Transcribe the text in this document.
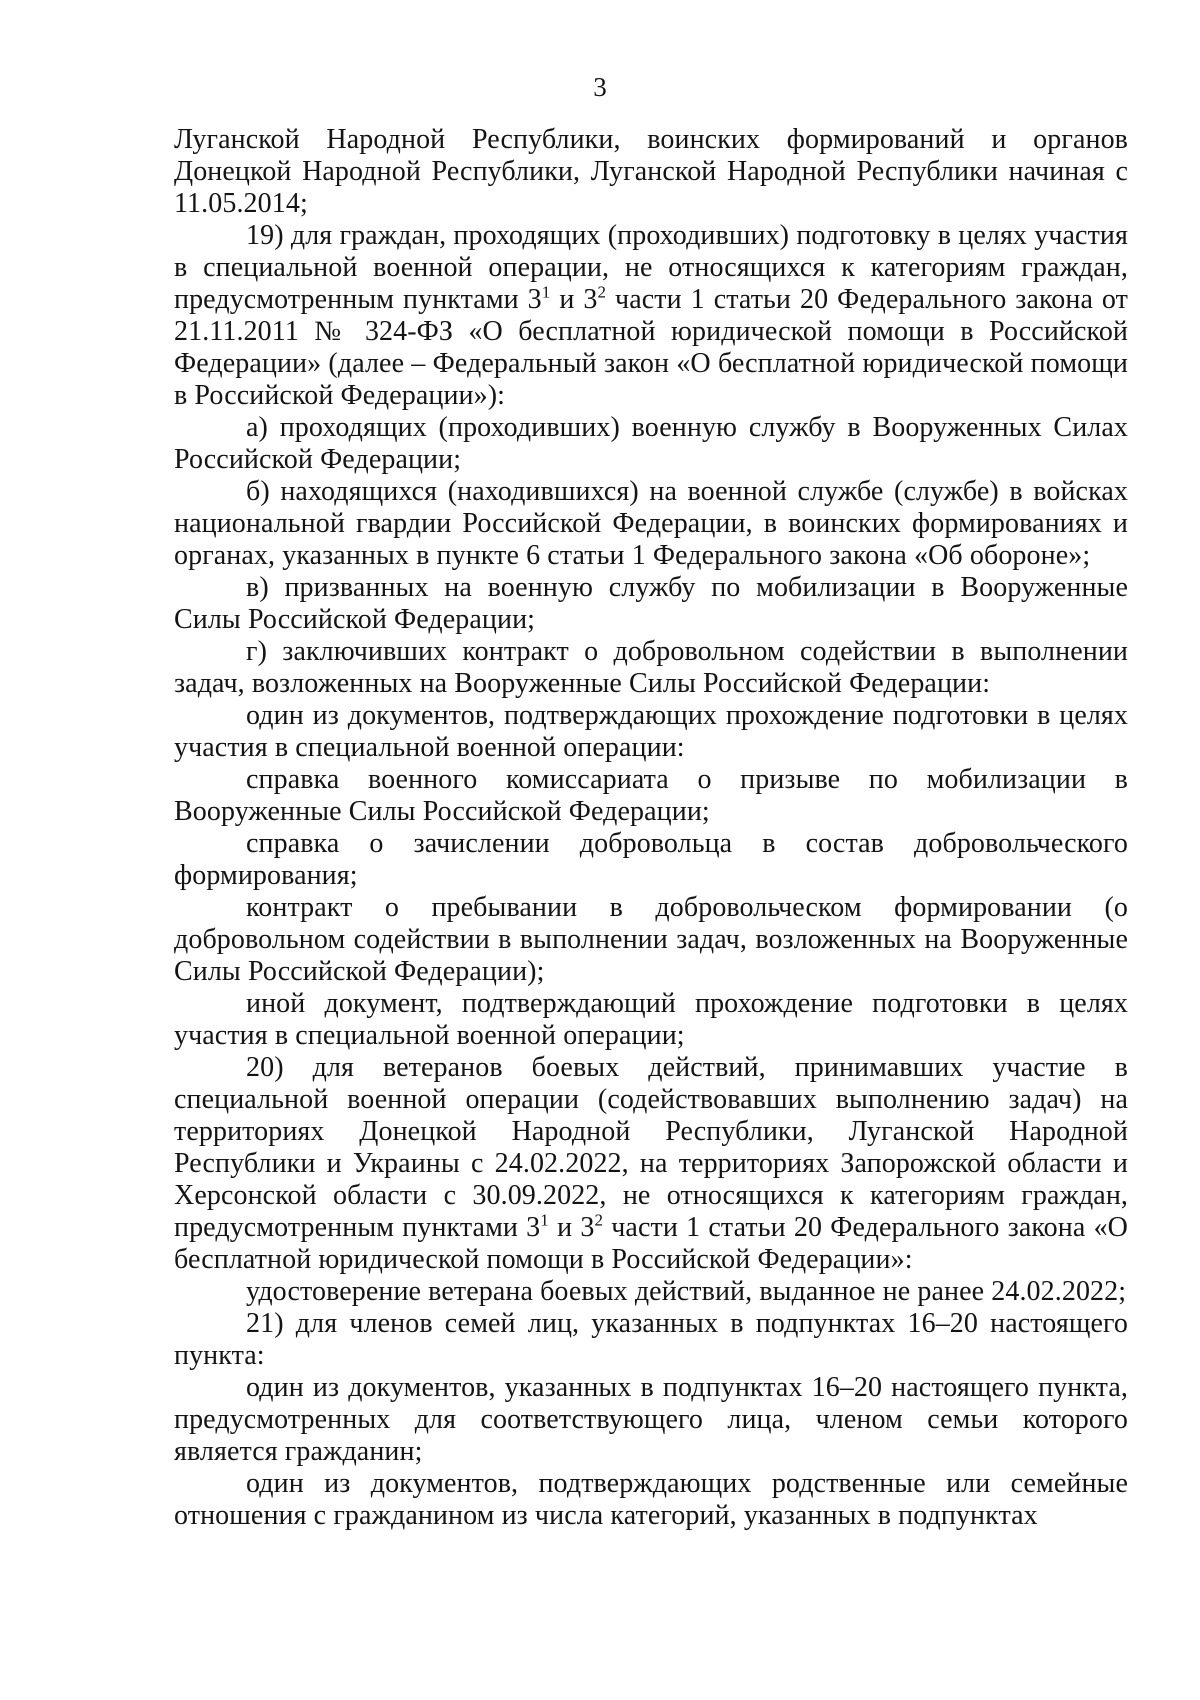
3

Луганской Народной Республики, воинских формирований и органов Донецкой Народной Республики, Луганской Народной Республики начиная с 11.05.2014;

19) для граждан, проходящих (проходивших) подготовку в целях участия в специальной военной операции, не относящихся к категориям граждан, предусмотренным пунктами $3^1$ и $3^2$ части 1 статьи 20 Федерального закона от 21.11.2011 № 324-ФЗ «О бесплатной юридической помощи в Российской Федерации» (далее – Федеральный закон «О бесплатной юридической помощи в Российской Федерации»):

а) проходящих (проходивших) военную службу в Вооруженных Силах Российской Федерации;

б) находящихся (находившихся) на военной службе (службе) в войсках национальной гвардии Российской Федерации, в воинских формированиях и органах, указанных в пункте 6 статьи 1 Федерального закона «Об обороне»;

в) призванных на военную службу по мобилизации в Вооруженные Силы Российской Федерации;

г) заключивших контракт о добровольном содействии в выполнении задач, возложенных на Вооруженные Силы Российской Федерации:

один из документов, подтверждающих прохождение подготовки в целях участия в специальной военной операции:

справка военного комиссариата о призыве по мобилизации в Вооруженные Силы Российской Федерации;

справка о зачислении добровольца в состав добровольческого формирования;

контракт о пребывании в добровольческом формировании (о добровольном содействии в выполнении задач, возложенных на Вооруженные Силы Российской Федерации);

иной документ, подтверждающий прохождение подготовки в целях участия в специальной военной операции;

20) для ветеранов боевых действий, принимавших участие в специальной военной операции (содействовавших выполнению задач) на территориях Донецкой Народной Республики, Луганской Народной Республики и Украины с 24.02.2022, на территориях Запорожской области и Херсонской области с 30.09.2022, не относящихся к категориям граждан, предусмотренным пунктами $3^1$ и $3^2$ части 1 статьи 20 Федерального закона «О бесплатной юридической помощи в Российской Федерации»:

удостоверение ветерана боевых действий, выданное не ранее 24.02.2022;

21) для членов семей лиц, указанных в подпунктах 16–20 настоящего пункта:

один из документов, указанных в подпунктах 16–20 настоящего пункта, предусмотренных для соответствующего лица, членом семьи которого является гражданин;

один из документов, подтверждающих родственные или семейные отношения с гражданином из числа категорий, указанных в подпунктах
